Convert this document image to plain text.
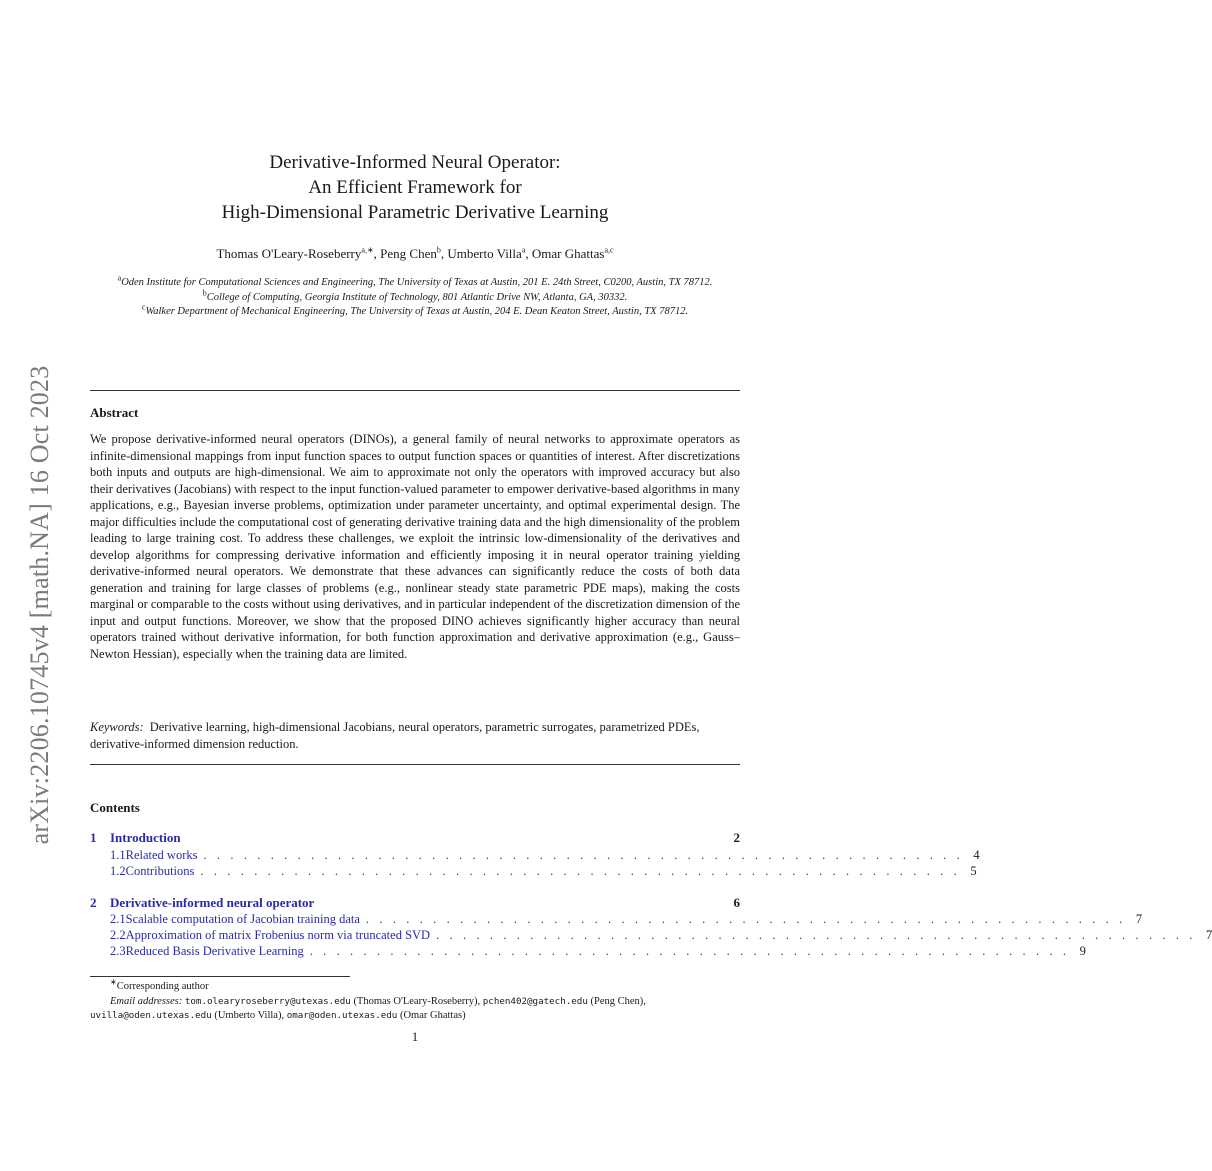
arXiv:2206.10745v4 [math.NA] 16 Oct 2023
Derivative-Informed Neural Operator:
An Efficient Framework for
High-Dimensional Parametric Derivative Learning
Thomas O'Leary-Roseberry$^{a,∗}$, Peng Chen$^b$, Umberto Villa$^a$, Omar Ghattas$^{a,c}$
$^a$Oden Institute for Computational Sciences and Engineering, The University of Texas at Austin, 201 E. 24th Street, C0200, Austin, TX 78712.
$^b$College of Computing, Georgia Institute of Technology, 801 Atlantic Drive NW, Atlanta, GA, 30332.
$^c$Walker Department of Mechanical Engineering, The University of Texas at Austin, 204 E. Dean Keaton Street, Austin, TX 78712.
Abstract
We propose derivative-informed neural operators (DINOs), a general family of neural networks to approximate operators as infinite-dimensional mappings from input function spaces to output function spaces or quantities of interest. After discretizations both inputs and outputs are high-dimensional. We aim to approximate not only the operators with improved accuracy but also their derivatives (Jacobians) with respect to the input function-valued parameter to empower derivative-based algorithms in many applications, e.g., Bayesian inverse problems, optimization under parameter uncertainty, and optimal experimental design. The major difficulties include the computational cost of generating derivative training data and the high dimensionality of the problem leading to large training cost. To address these challenges, we exploit the intrinsic low-dimensionality of the derivatives and develop algorithms for compressing derivative information and efficiently imposing it in neural operator training yielding derivative-informed neural operators. We demonstrate that these advances can significantly reduce the costs of both data generation and training for large classes of problems (e.g., nonlinear steady state parametric PDE maps), making the costs marginal or comparable to the costs without using derivatives, and in particular independent of the discretization dimension of the input and output functions. Moreover, we show that the proposed DINO achieves significantly higher accuracy than neural operators trained without derivative information, for both function approximation and derivative approximation (e.g., Gauss–Newton Hessian), especially when the training data are limited.
Keywords: Derivative learning, high-dimensional Jacobians, neural operators, parametric surrogates, parametrized PDEs, derivative-informed dimension reduction.
Contents
1	Introduction	2
1.1 Related works . . . . . . . . . . . . . . . . . . . . . . . . . . . . . . . . . . . . . . . . . . . . . . . . . . . . . . . . . 4
1.2 Contributions . . . . . . . . . . . . . . . . . . . . . . . . . . . . . . . . . . . . . . . . . . . . . . . . . . . . . . . . . 5
2	Derivative-informed neural operator	6
2.1 Scalable computation of Jacobian training data . . . . . . . . . . . . . . . . . . . . . . . . . . . . . . . . . . . . . . . . . . . . . . . . . . . . . . . . . 7
2.2 Approximation of matrix Frobenius norm via truncated SVD . . . . . . . . . . . . . . . . . . . . . . . . . . . . . . . . . . . . . . . . . . . . . . . . . . . . . . . . . 7
2.3 Reduced Basis Derivative Learning . . . . . . . . . . . . . . . . . . . . . . . . . . . . . . . . . . . . . . . . . . . . . . . . . . . . . . . . . 9
∗Corresponding author
Email addresses: tom.olearyroseberry@utexas.edu (Thomas O'Leary-Roseberry), pchen402@gatech.edu (Peng Chen),
uvilla@oden.utexas.edu (Umberto Villa), omar@oden.utexas.edu (Omar Ghattas)
1
